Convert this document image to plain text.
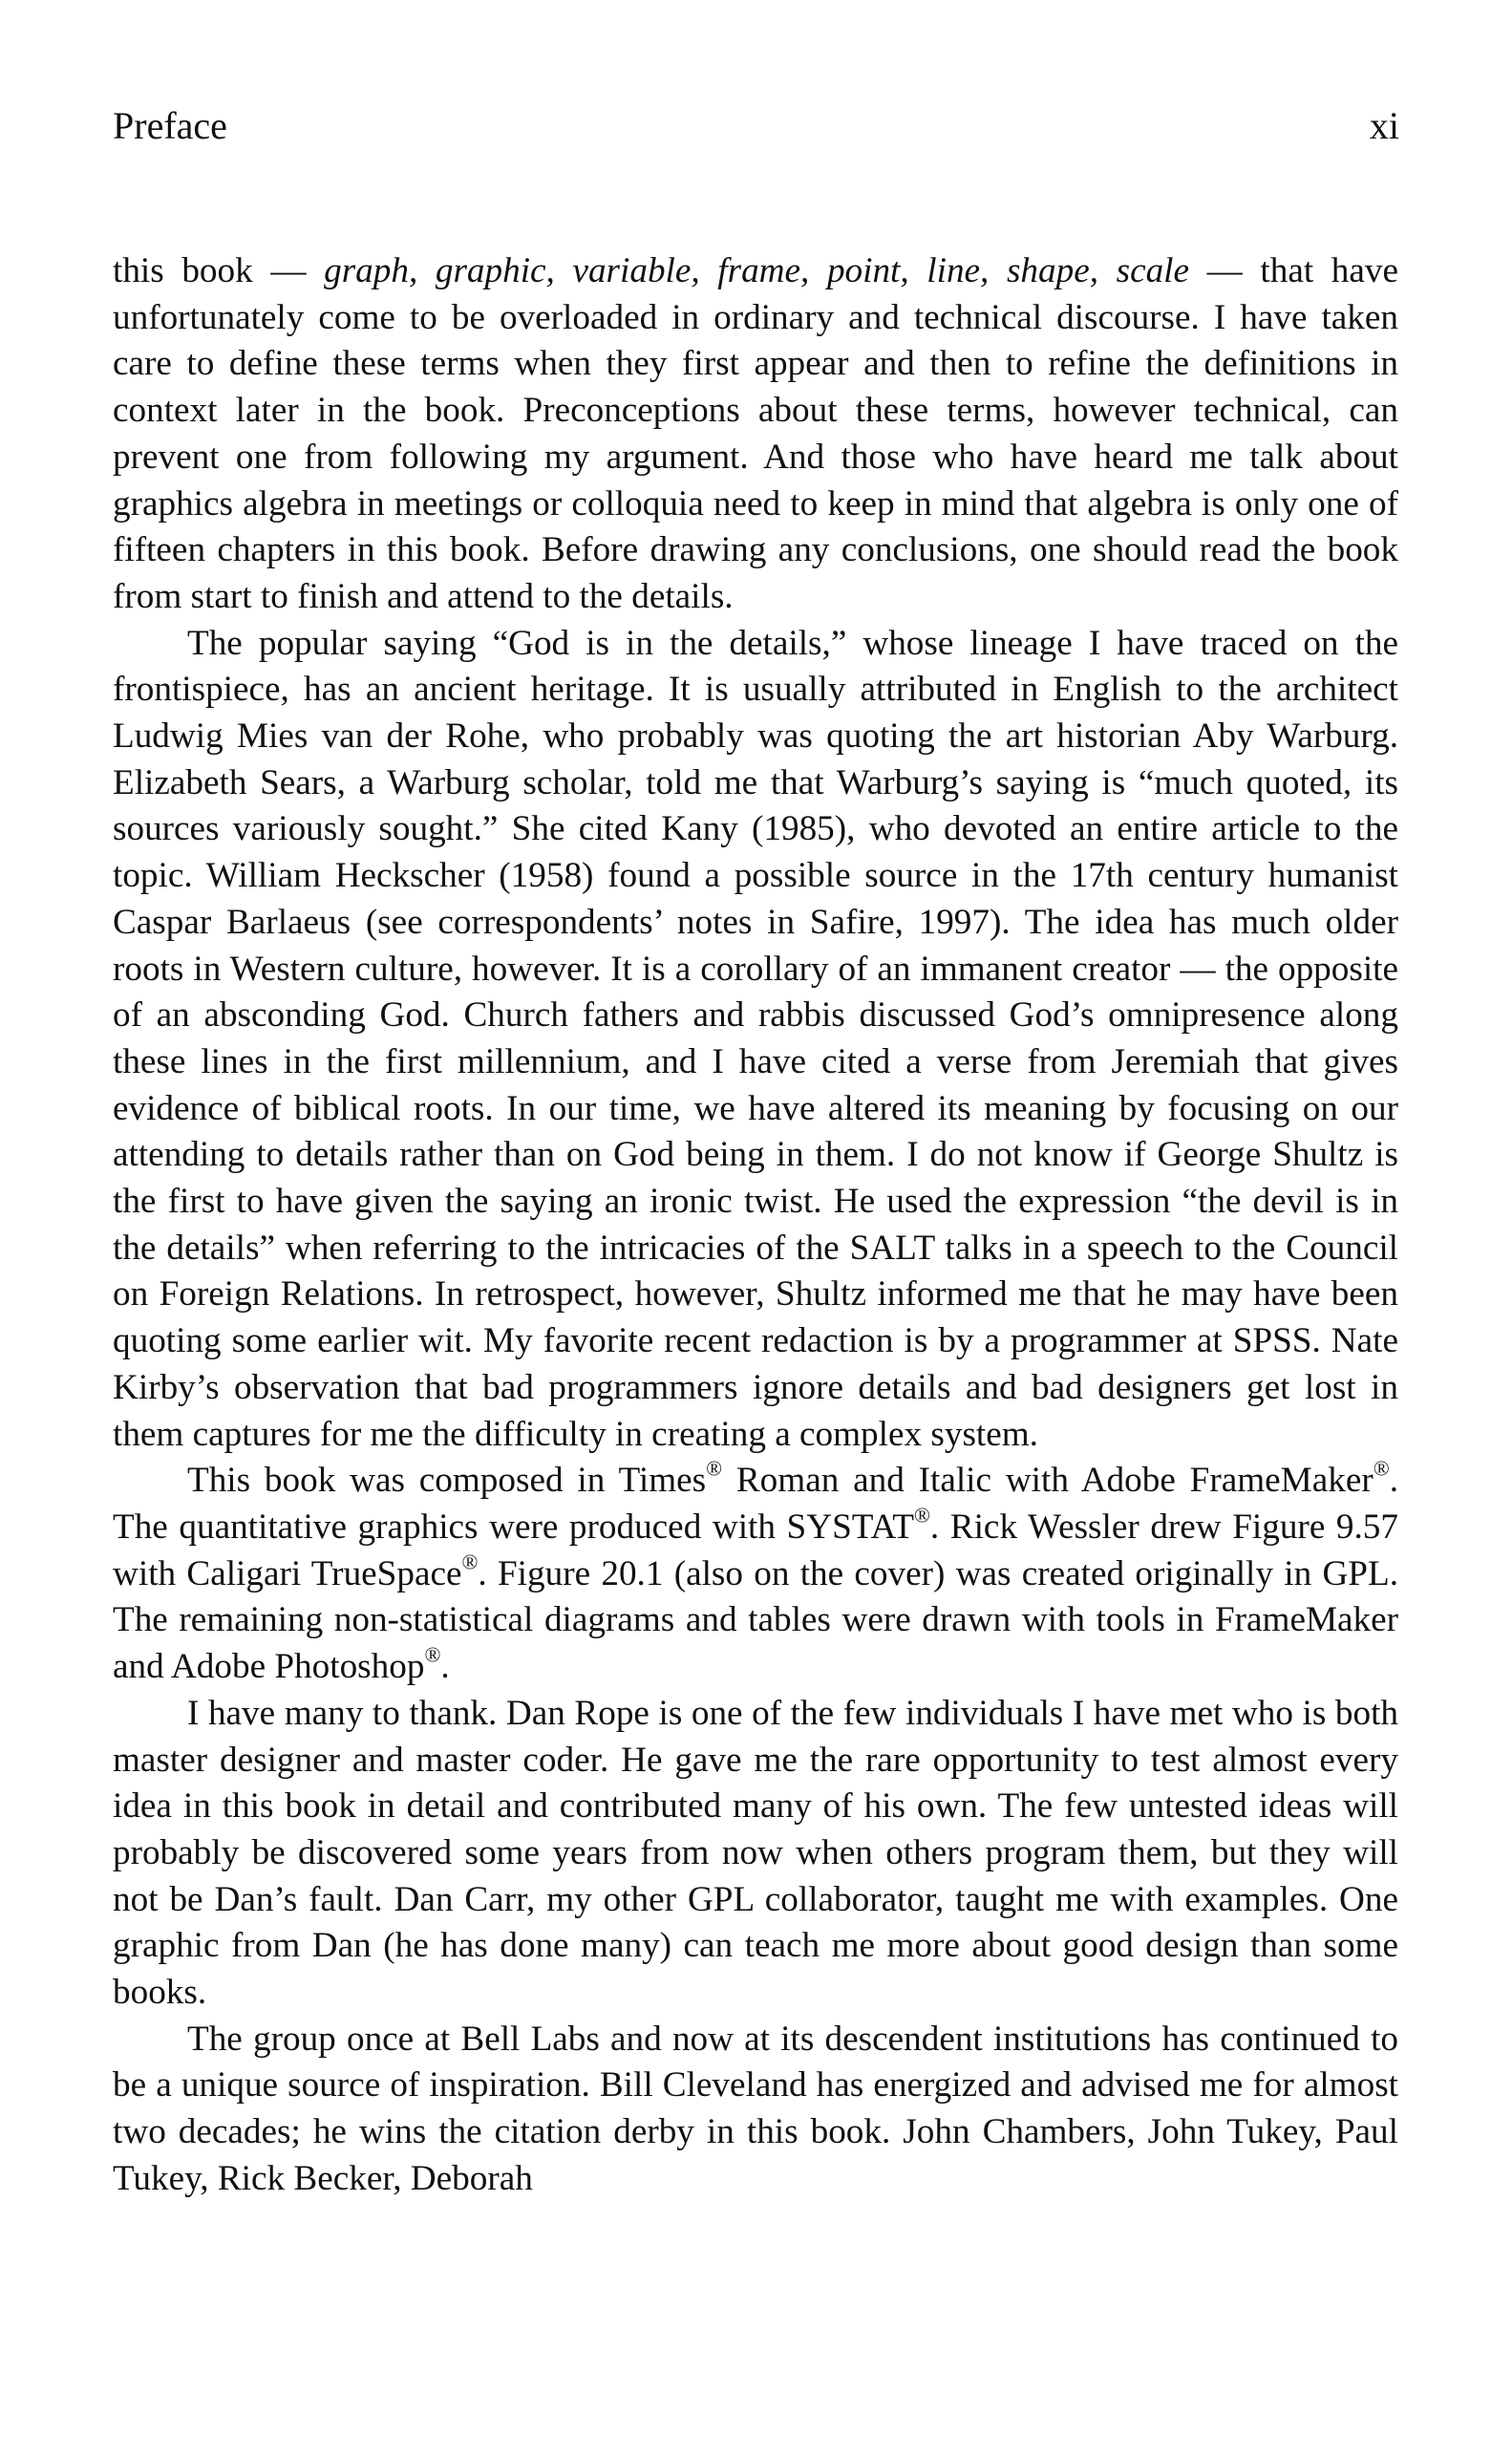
Preface	xi

this book — graph, graphic, variable, frame, point, line, shape, scale — that have unfortunately come to be overloaded in ordinary and technical discourse. I have taken care to define these terms when they first appear and then to refine the definitions in context later in the book. Preconceptions about these terms, however technical, can prevent one from following my argument. And those who have heard me talk about graphics algebra in meetings or colloquia need to keep in mind that algebra is only one of fifteen chapters in this book. Before drawing any conclusions, one should read the book from start to finish and attend to the details.

The popular saying “God is in the details,” whose lineage I have traced on the frontispiece, has an ancient heritage. It is usually attributed in English to the architect Ludwig Mies van der Rohe, who probably was quoting the art historian Aby Warburg. Elizabeth Sears, a Warburg scholar, told me that Warburg’s saying is “much quoted, its sources variously sought.” She cited Kany (1985), who devoted an entire article to the topic. William Heckscher (1958) found a possible source in the 17th century humanist Caspar Barlaeus (see correspondents’ notes in Safire, 1997). The idea has much older roots in Western culture, however. It is a corollary of an immanent creator — the opposite of an absconding God. Church fathers and rabbis discussed God’s omnipresence along these lines in the first millennium, and I have cited a verse from Jeremiah that gives evidence of biblical roots. In our time, we have altered its meaning by focusing on our attending to details rather than on God being in them. I do not know if George Shultz is the first to have given the saying an ironic twist. He used the expression “the devil is in the details” when referring to the intricacies of the SALT talks in a speech to the Council on Foreign Relations. In retrospect, however, Shultz informed me that he may have been quoting some earlier wit. My favorite recent redaction is by a programmer at SPSS. Nate Kirby’s observation that bad programmers ignore details and bad designers get lost in them captures for me the difficulty in creating a complex system.

This book was composed in Times® Roman and Italic with Adobe FrameMaker®. The quantitative graphics were produced with SYSTAT®. Rick Wessler drew Figure 9.57 with Caligari TrueSpace®. Figure 20.1 (also on the cover) was created originally in GPL. The remaining non-statistical diagrams and tables were drawn with tools in FrameMaker and Adobe Photoshop®.

I have many to thank. Dan Rope is one of the few individuals I have met who is both master designer and master coder. He gave me the rare opportunity to test almost every idea in this book in detail and contributed many of his own. The few untested ideas will probably be discovered some years from now when others program them, but they will not be Dan’s fault. Dan Carr, my other GPL collaborator, taught me with examples. One graphic from Dan (he has done many) can teach me more about good design than some books.

The group once at Bell Labs and now at its descendent institutions has continued to be a unique source of inspiration. Bill Cleveland has energized and advised me for almost two decades; he wins the citation derby in this book. John Chambers, John Tukey, Paul Tukey, Rick Becker, Deborah
